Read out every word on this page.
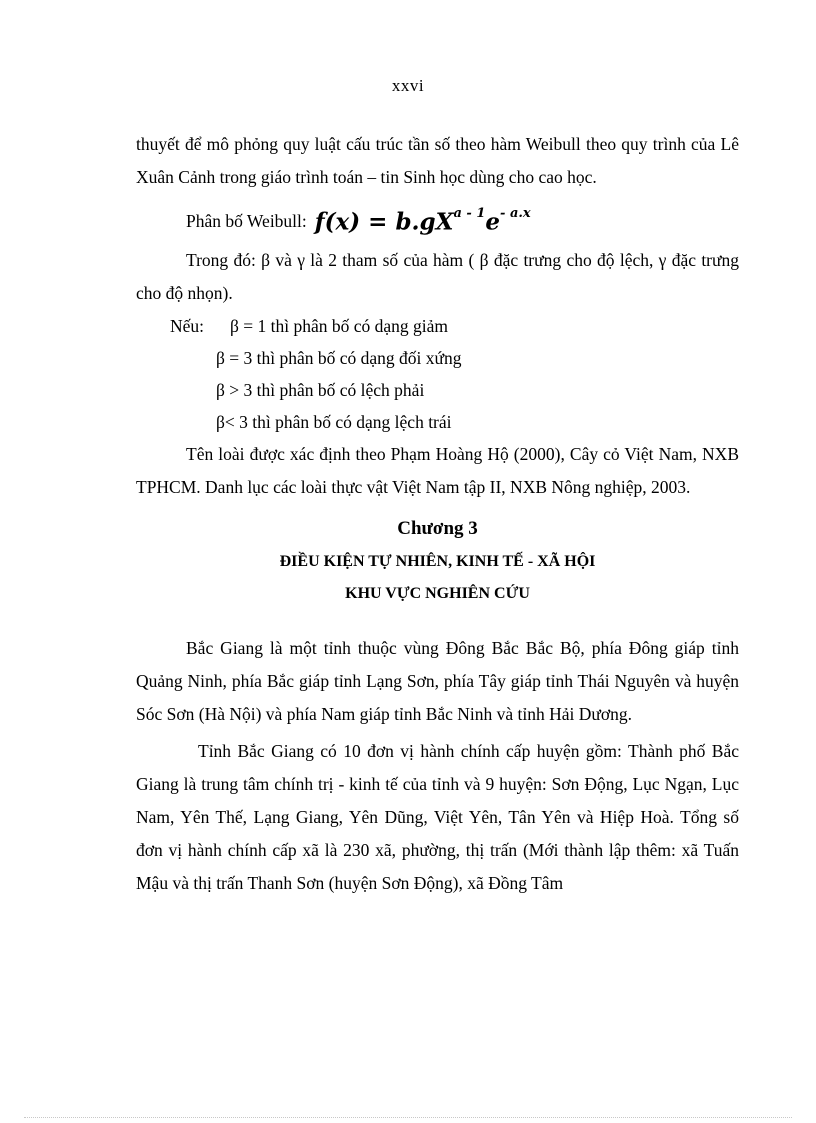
xxvi

thuyết để mô phỏng quy luật cấu trúc tần số theo hàm Weibull theo quy trình của Lê Xuân Cảnh trong giáo trình toán – tin Sinh học dùng cho cao học.

Phân bố Weibull: $f(x) = b.gX^{a - 1}e^{- a.x}$

Trong đó: β và γ là 2 tham số của hàm ( β đặc trưng cho độ lệch, γ đặc trưng cho độ nhọn).

Nếu:	β = 1 thì phân bố có dạng giảm
β = 3 thì phân bố có dạng đối xứng
β > 3 thì phân bố có lệch phải
β< 3 thì phân bố có dạng lệch trái

Tên loài được xác định theo Phạm Hoàng Hộ (2000), Cây cỏ Việt Nam, NXB TPHCM. Danh lục các loài thực vật Việt Nam tập II, NXB Nông nghiệp, 2003.

Chương 3
ĐIỀU KIỆN TỰ NHIÊN, KINH TẾ - XÃ HỘI
KHU VỰC NGHIÊN CỨU

Bắc Giang là một tỉnh thuộc vùng Đông Bắc Bắc Bộ, phía Đông giáp tỉnh Quảng Ninh, phía Bắc giáp tỉnh Lạng Sơn, phía Tây giáp tỉnh Thái Nguyên và huyện Sóc Sơn (Hà Nội) và phía Nam giáp tỉnh Bắc Ninh và tỉnh Hải Dương.

Tỉnh Bắc Giang có 10 đơn vị hành chính cấp huyện gồm: Thành phố Bắc Giang là trung tâm chính trị - kinh tế của tỉnh và 9 huyện: Sơn Động, Lục Ngạn, Lục Nam, Yên Thế, Lạng Giang, Yên Dũng, Việt Yên, Tân Yên và Hiệp Hoà. Tổng số đơn vị hành chính cấp xã là 230 xã, phường, thị trấn (Mới thành lập thêm: xã Tuấn Mậu và thị trấn Thanh Sơn (huyện Sơn Động), xã Đồng Tâm
